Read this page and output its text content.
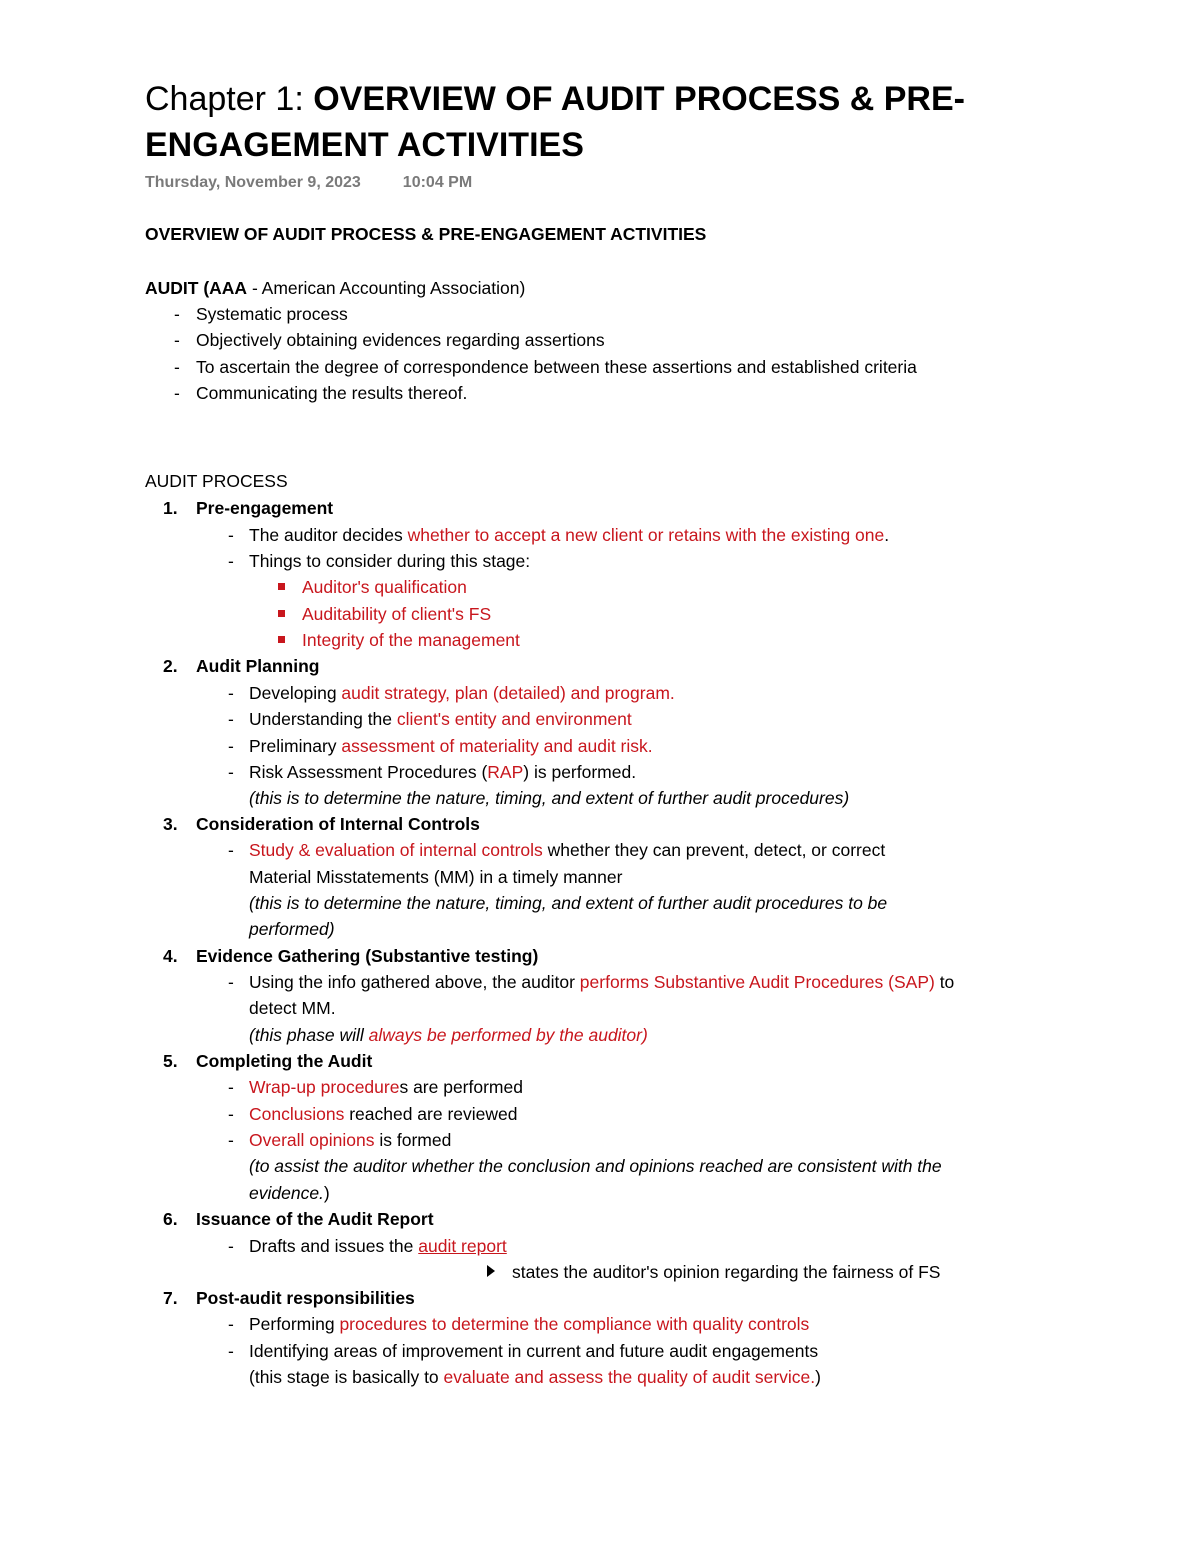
Chapter 1: OVERVIEW OF AUDIT PROCESS & PRE-
ENGAGEMENT ACTIVITIES
Thursday, November 9, 2023	10:04 PM
OVERVIEW OF AUDIT PROCESS & PRE-ENGAGEMENT ACTIVITIES
AUDIT (AAA - American Accounting Association)
- Systematic process
- Objectively obtaining evidences regarding assertions
- To ascertain the degree of correspondence between these assertions and established criteria
- Communicating the results thereof.
AUDIT PROCESS
1. Pre-engagement
- The auditor decides whether to accept a new client or retains with the existing one.
- Things to consider during this stage:
Auditor's qualification
Auditability of client's FS
Integrity of the management
2. Audit Planning
- Developing audit strategy, plan (detailed) and program.
- Understanding the client's entity and environment
- Preliminary assessment of materiality and audit risk.
- Risk Assessment Procedures (RAP) is performed.
(this is to determine the nature, timing, and extent of further audit procedures)
3. Consideration of Internal Controls
- Study & evaluation of internal controls whether they can prevent, detect, or correct
Material Misstatements (MM) in a timely manner
(this is to determine the nature, timing, and extent of further audit procedures to be
performed)
4. Evidence Gathering (Substantive testing)
- Using the info gathered above, the auditor performs Substantive Audit Procedures (SAP) to
detect MM.
(this phase will always be performed by the auditor)
5. Completing the Audit
- Wrap-up procedures are performed
- Conclusions reached are reviewed
- Overall opinions is formed
(to assist the auditor whether the conclusion and opinions reached are consistent with the
evidence.)
6. Issuance of the Audit Report
- Drafts and issues the audit report
states the auditor's opinion regarding the fairness of FS
7. Post-audit responsibilities
- Performing procedures to determine the compliance with quality controls
- Identifying areas of improvement in current and future audit engagements
(this stage is basically to evaluate and assess the quality of audit service.)
